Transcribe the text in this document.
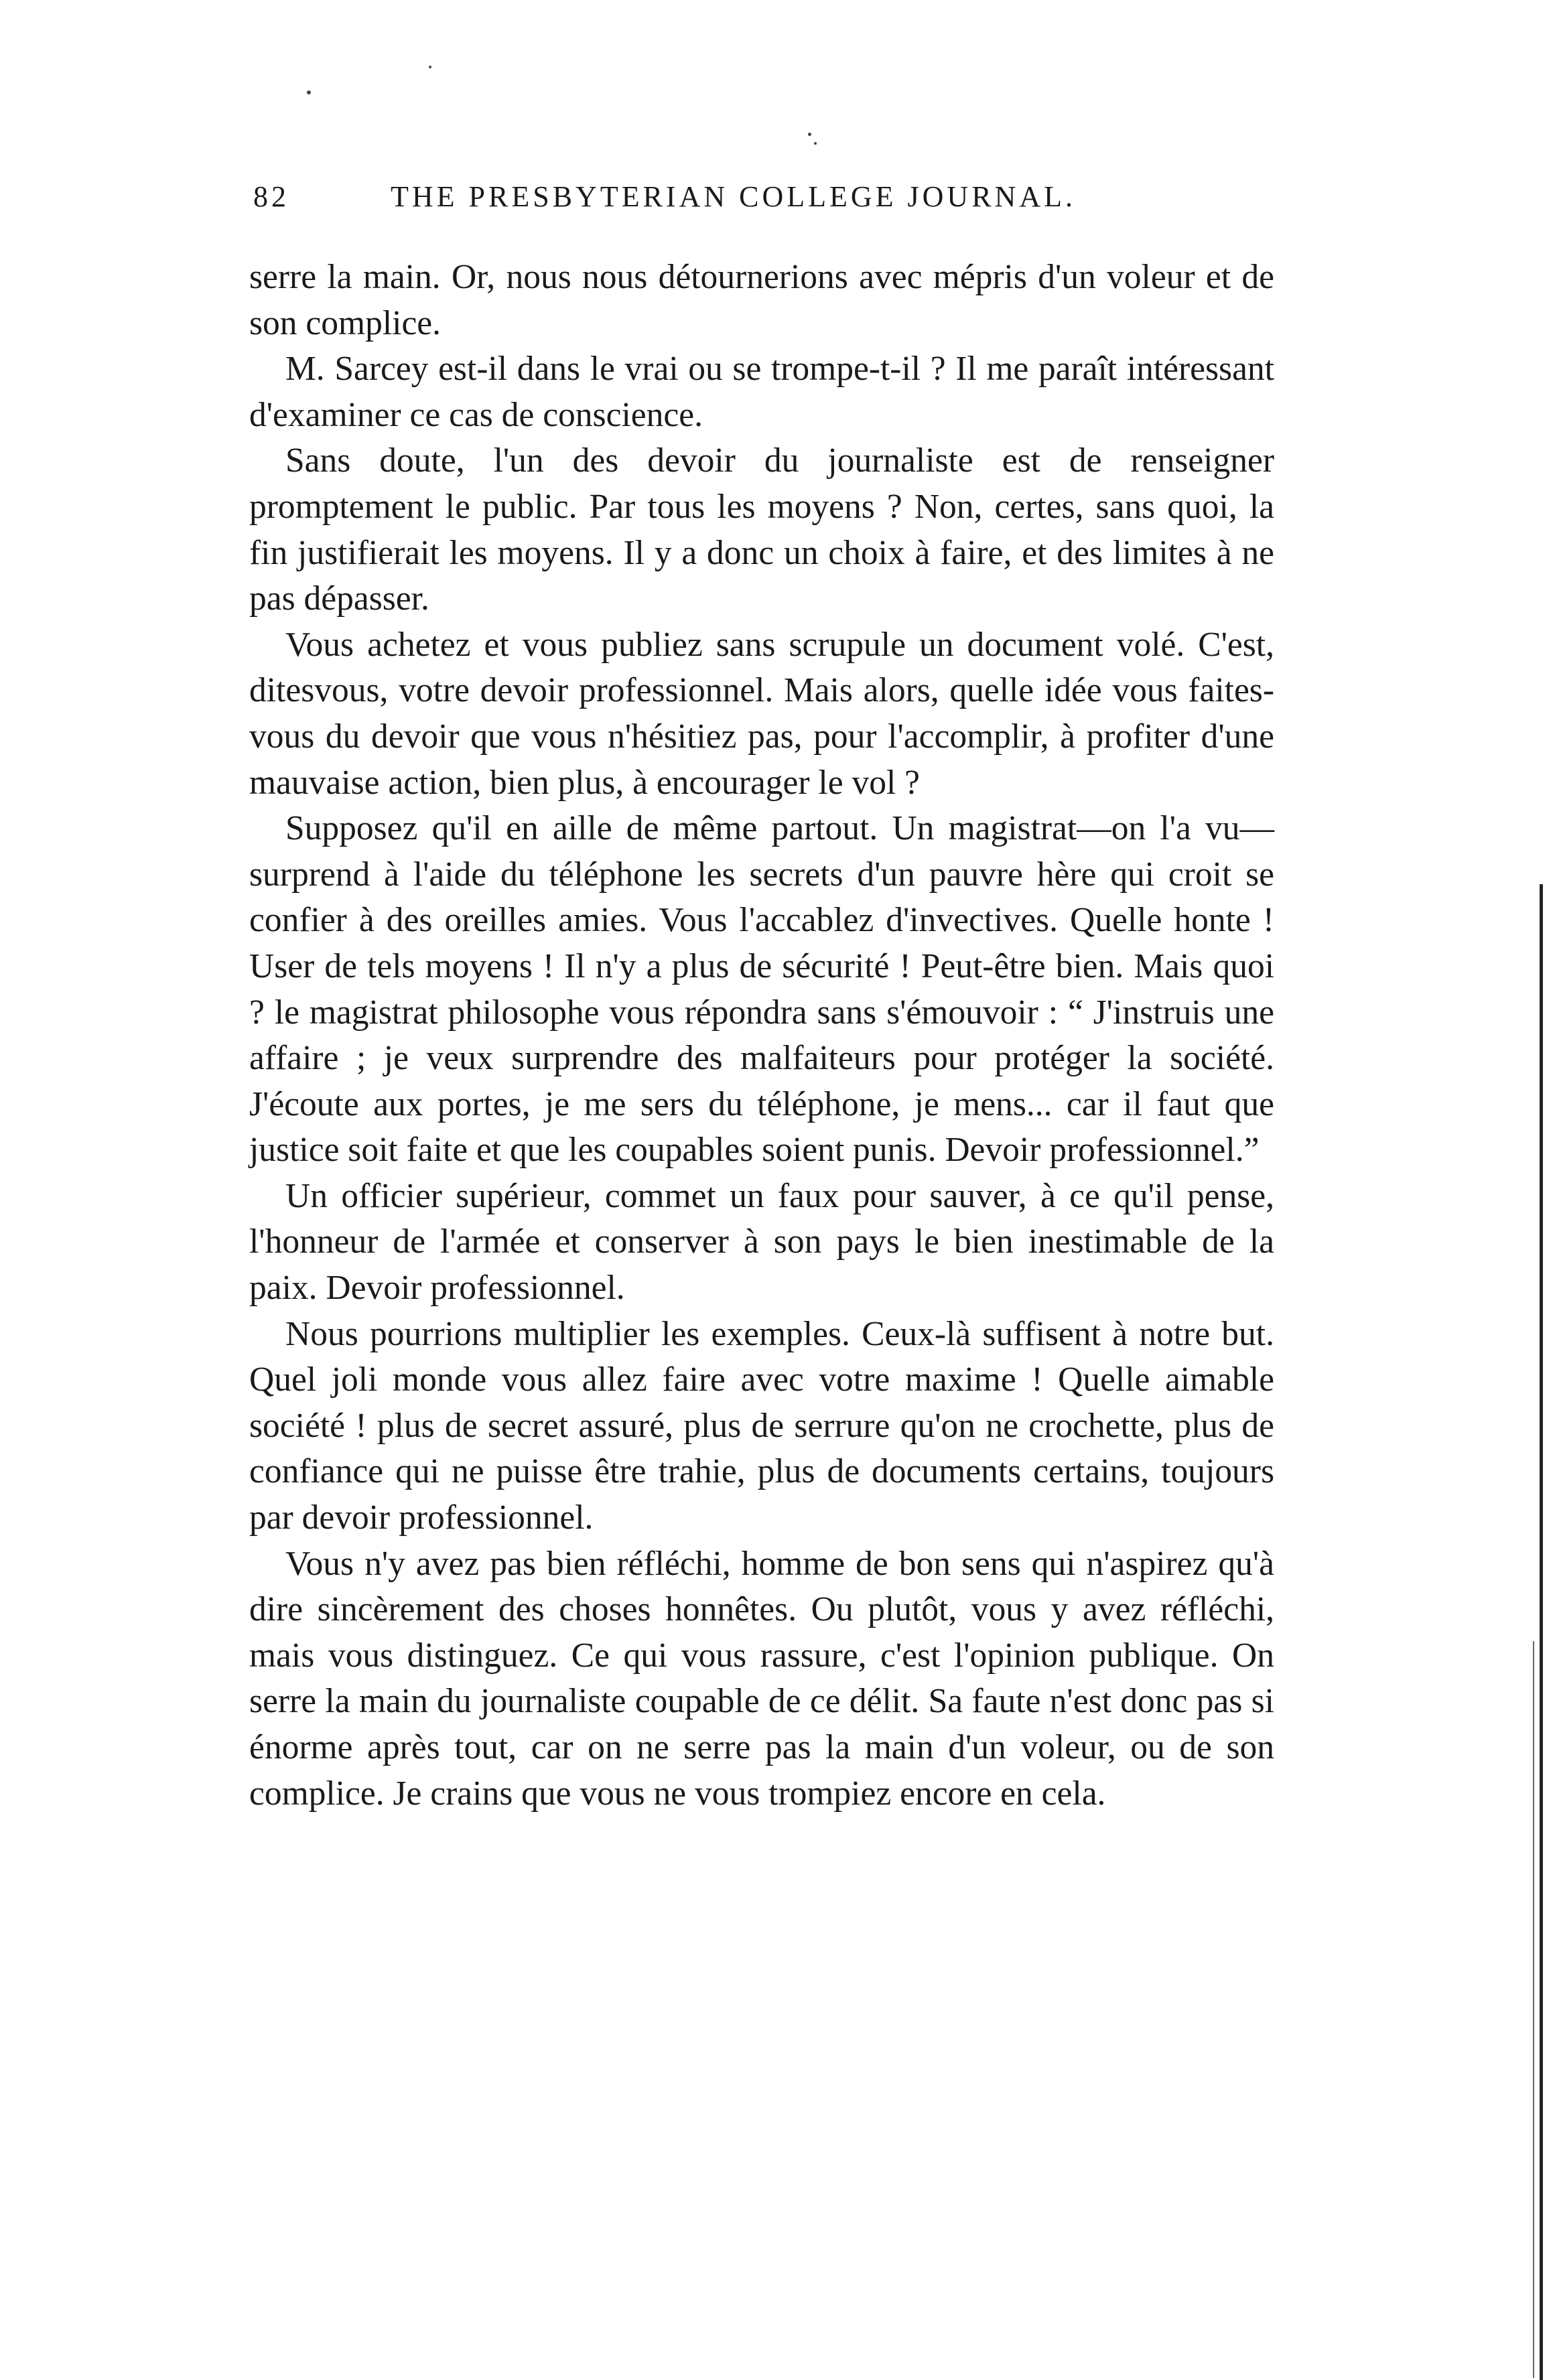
82	THE PRESBYTERIAN COLLEGE JOURNAL.

serre la main. Or, nous nous détournerions avec mépris d'un voleur et de son complice.

M. Sarcey est-il dans le vrai ou se trompe-t-il ? Il me paraît intéressant d'examiner ce cas de conscience.

Sans doute, l'un des devoir du journaliste est de renseigner promptement le public. Par tous les moyens ? Non, certes, sans quoi, la fin justifierait les moyens. Il y a donc un choix à faire, et des limites à ne pas dépasser.

Vous achetez et vous publiez sans scrupule un document volé. C'est, ditesvous, votre devoir professionnel. Mais alors, quelle idée vous faites-vous du devoir que vous n'hésitiez pas, pour l'accomplir, à profiter d'une mauvaise action, bien plus, à encourager le vol ?

Supposez qu'il en aille de même partout. Un magistrat—on l'a vu—surprend à l'aide du téléphone les secrets d'un pauvre hère qui croit se confier à des oreilles amies. Vous l'accablez d'invectives. Quelle honte ! User de tels moyens ! Il n'y a plus de sécurité ! Peut-être bien. Mais quoi ? le magistrat philosophe vous répondra sans s'émouvoir : “ J'instruis une affaire ; je veux surprendre des malfaiteurs pour protéger la société. J'écoute aux portes, je me sers du téléphone, je mens... car il faut que justice soit faite et que les coupables soient punis. Devoir professionnel.”

Un officier supérieur, commet un faux pour sauver, à ce qu'il pense, l'honneur de l'armée et conserver à son pays le bien inestimable de la paix. Devoir professionnel.

Nous pourrions multiplier les exemples. Ceux-là suffisent à notre but. Quel joli monde vous allez faire avec votre maxime ! Quelle aimable société ! plus de secret assuré, plus de serrure qu'on ne crochette, plus de confiance qui ne puisse être trahie, plus de documents certains, toujours par devoir professionnel.

Vous n'y avez pas bien réfléchi, homme de bon sens qui n'aspirez qu'à dire sincèrement des choses honnêtes. Ou plutôt, vous y avez réfléchi, mais vous distinguez. Ce qui vous rassure, c'est l'opinion publique. On serre la main du journaliste coupable de ce délit. Sa faute n'est donc pas si énorme après tout, car on ne serre pas la main d'un voleur, ou de son complice. Je crains que vous ne vous trompiez encore en cela.
